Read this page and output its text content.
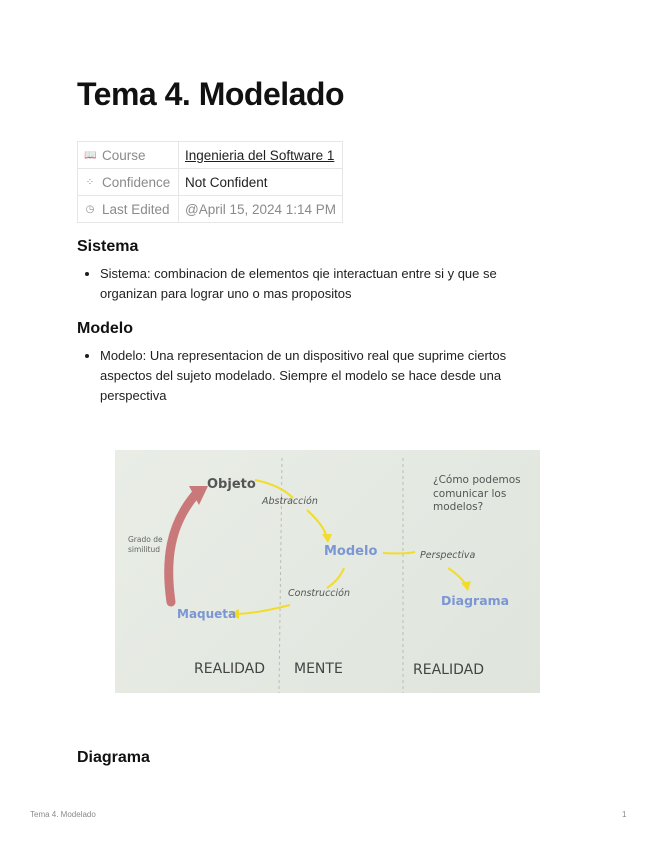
Tema 4. Modelado
📖 Course	Ingenieria del Software 1
⁘ Confidence	Not Confident
◷ Last Edited	@April 15, 2024 1:14 PM
Sistema
• Sistema: combinacion de elementos qie interactuan entre si y que se organizan para lograr uno o mas propositos
Modelo
• Modelo: Una representacion de un dispositivo real que suprime ciertos aspectos del sujeto modelado. Siempre el modelo se hace desde una perspectiva
Objeto
Abstracción
Modelo	Perspectiva
Diagrama
Construcción
Maqueta
Grado de
similitud
¿Cómo podemos
comunicar los
modelos?
REALIDAD MENTE	REALIDAD
Diagrama
Tema 4. Modelado	1
